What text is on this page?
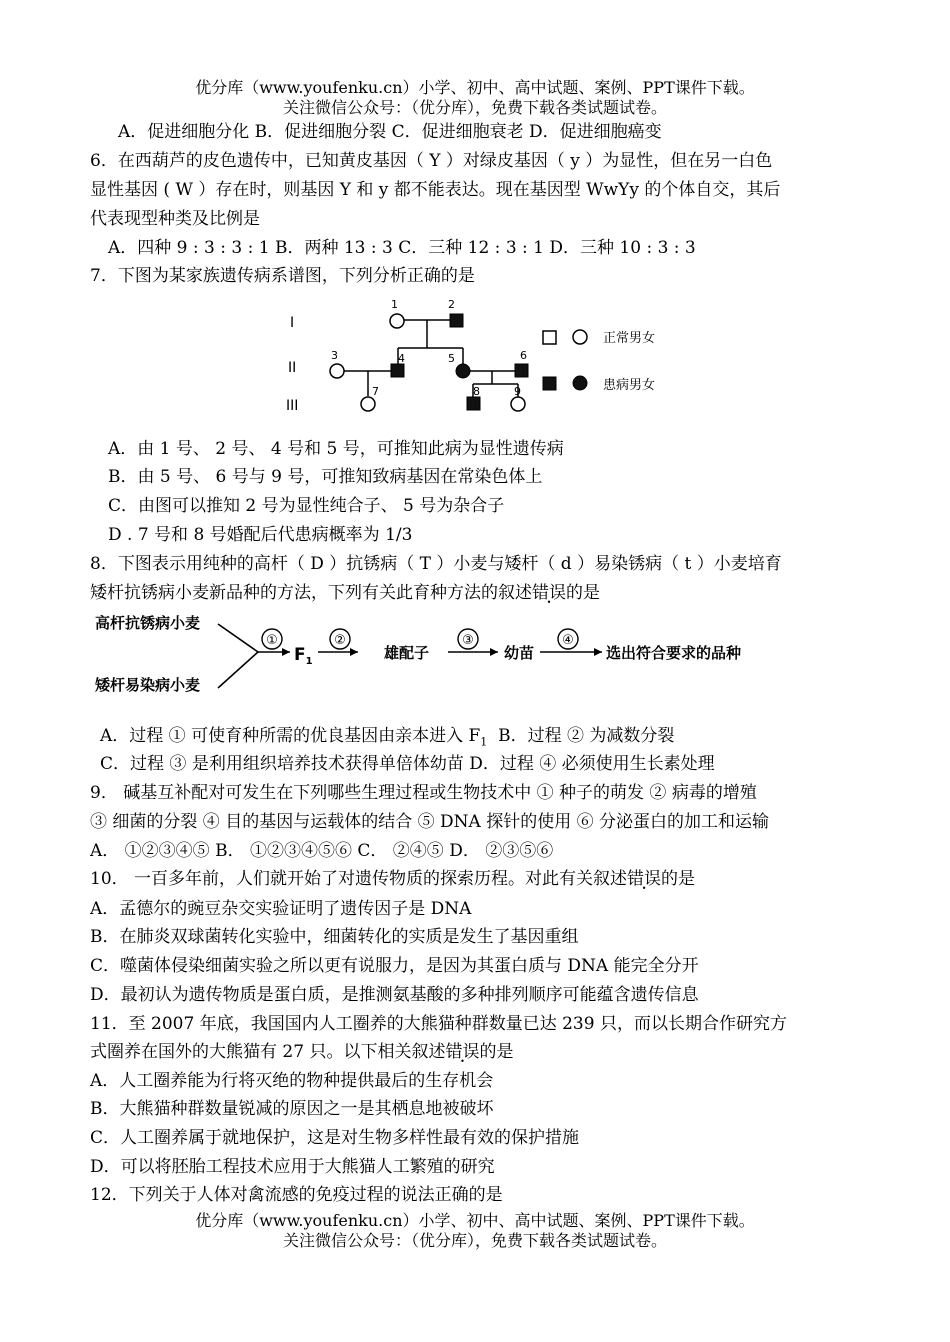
优分库（www.youfenku.cn）小学、初中、高中试题、案例、PPT课件下载。
关注微信公众号：（优分库），免费下载各类试题试卷。
A．促进细胞分化 B．促进细胞分裂 C．促进细胞衰老 D．促进细胞癌变
6．在西葫芦的皮色遗传中，已知黄皮基因（ Y ）对绿皮基因（ y ）为显性，但在另一白色
显性基因 ( W ）存在时，则基因 Y 和 y 都不能表达。现在基因型 WwYy 的个体自交，其后
代表现型种类及比例是
A．四种 9 : 3 : 3 : 1 B．两种 13 : 3 C．三种 12 : 3 : 1 D．三种 10 : 3 : 3
7．下图为某家族遗传病系谱图，下列分析正确的是
I
II
III
1	2
3	4	5	6
7	8	9
正常男女
患病男女
A．由 1 号、 2 号、 4 号和 5 号，可推知此病为显性遗传病
B．由 5 号、 6 号与 9 号，可推知致病基因在常染色体上
C．由图可以推知 2 号为显性纯合子、 5 号为杂合子
D . 7 号和 8 号婚配后代患病概率为 1/3
8．下图表示用纯种的高杆（ D ）抗锈病（ T ）小麦与矮杆（ d ）易染锈病（ t ）小麦培育
矮杆抗锈病小麦新品种的方法，下列有关此育种方法的叙述错误的是
高杆抗锈病小麦
矮杆易染病小麦
①	②	③	④
$F_1$	雄配子	幼苗	选出符合要求的品种
A．过程 ① 可使育种所需的优良基因由亲本进入 $F_1$  B．过程 ② 为减数分裂
C．过程 ③ 是利用组织培养技术获得单倍体幼苗 D．过程 ④ 必须使用生长素处理
9． 碱基互补配对可发生在下列哪些生理过程或生物技术中 ① 种子的萌发 ② 病毒的增殖
③ 细菌的分裂 ④ 目的基因与运载体的结合 ⑤ DNA 探针的使用 ⑥ 分泌蛋白的加工和运输
A． ①②③④⑤ B． ①②③④⑤⑥ C． ②④⑤ D． ②③⑤⑥
10． 一百多年前，人们就开始了对遗传物质的探索历程。对此有关叙述错误的是
A．孟德尔的豌豆杂交实验证明了遗传因子是 DNA
B．在肺炎双球菌转化实验中，细菌转化的实质是发生了基因重组
C．噬菌体侵染细菌实验之所以更有说服力，是因为其蛋白质与 DNA 能完全分开
D．最初认为遗传物质是蛋白质，是推测氨基酸的多种排列顺序可能蕴含遗传信息
11．至 2007 年底，我国国内人工圈养的大熊猫种群数量已达 239 只，而以长期合作研究方
式圈养在国外的大熊猫有 27 只。以下相关叙述错误的是
A．人工圈养能为行将灭绝的物种提供最后的生存机会
B．大熊猫种群数量锐减的原因之一是其栖息地被破坏
C．人工圈养属于就地保护，这是对生物多样性最有效的保护措施
D．可以将胚胎工程技术应用于大熊猫人工繁殖的研究
12．下列关于人体对禽流感的免疫过程的说法正确的是
优分库（www.youfenku.cn）小学、初中、高中试题、案例、PPT课件下载。
关注微信公众号：（优分库），免费下载各类试题试卷。
